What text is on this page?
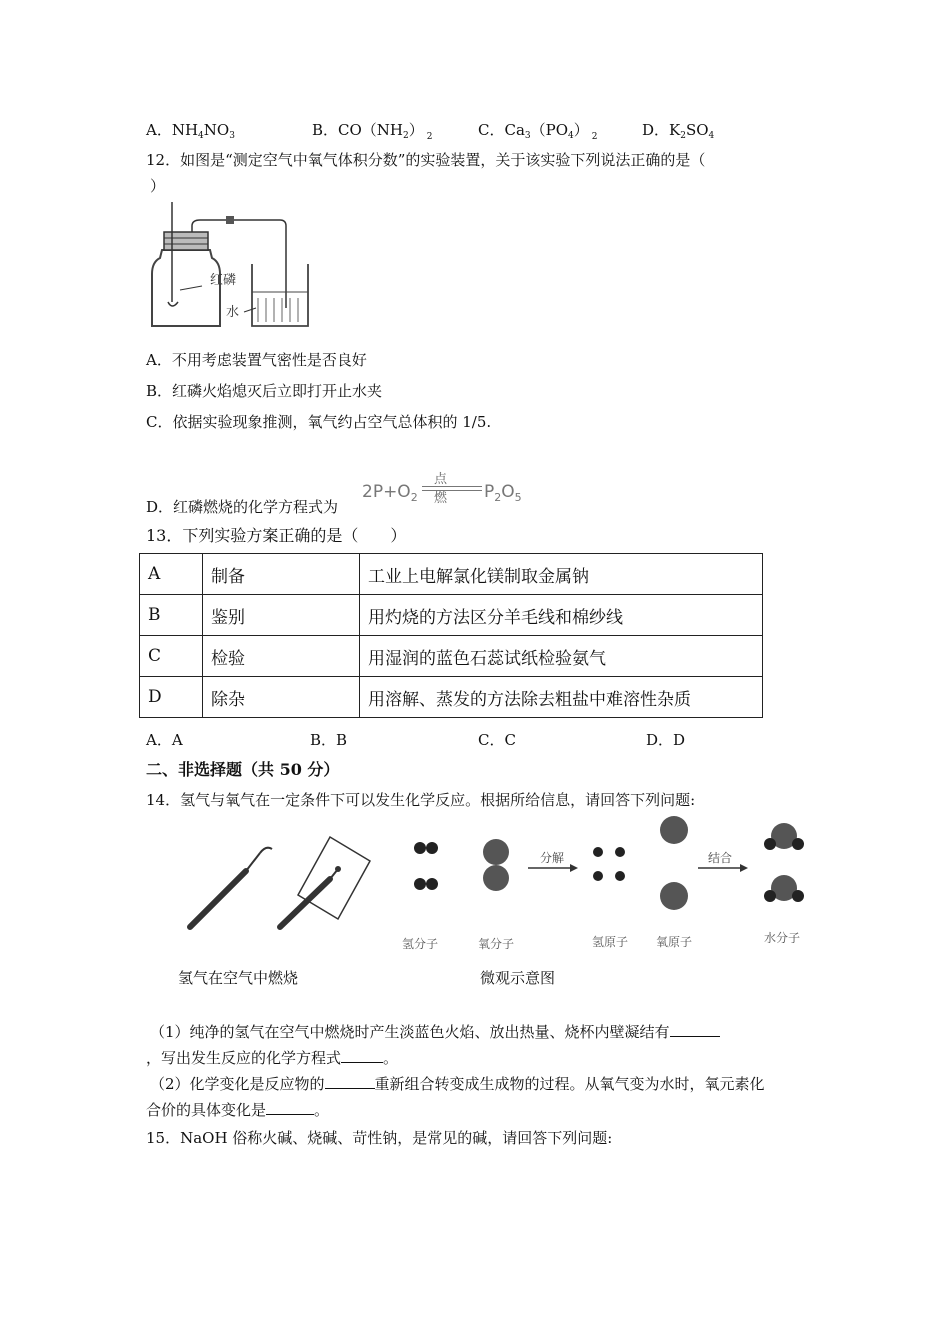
A．$NH_4NO_3$	B．$CO(NH_2)$ $_2$	C．$Ca_3(PO_4)$ $_2$	D．$K_2SO_4$
12．如图是“测定空气中氧气体积分数”的实验装置，关于该实验下列说法正确的是（
）
红磷
水
A．不用考虑装置气密性是否良好
B．红磷火焰熄灭后立即打开止水夹
C．依据实验现象推测，氧气约占空气总体积的 1/5.
D．红磷燃烧的化学方程式为
$2P+O_2$
点燃 $P_2O_5$
13．下列实验方案正确的是（　　）
A	制备	工业上电解氯化镁制取金属钠
B	鉴别	用灼烧的方法区分羊毛线和棉纱线
C	检验	用湿润的蓝色石蕊试纸检验氨气
D	除杂	用溶解、蒸发的方法除去粗盐中难溶性杂质
A．A	B．B	C．C	D．D
二、非选择题（共 50 分）
14．氢气与氧气在一定条件下可以发生化学反应。根据所给信息，请回答下列问题:
分解	结合
氢分子	氧分子	氢原子 氧原子	水分子
氢气在空气中燃烧	微观示意图
（1）纯净的氢气在空气中燃烧时产生淡蓝色火焰、放出热量、烧杯内壁凝结有
，写出发生反应的化学方程式	。
（2）化学变化是反应物的	重新组合转变成生成物的过程。从氧气变为水时，氧元素化
合价的具体变化是	。
15．NaOH 俗称火碱、烧碱、苛性钠，是常见的碱，请回答下列问题:
